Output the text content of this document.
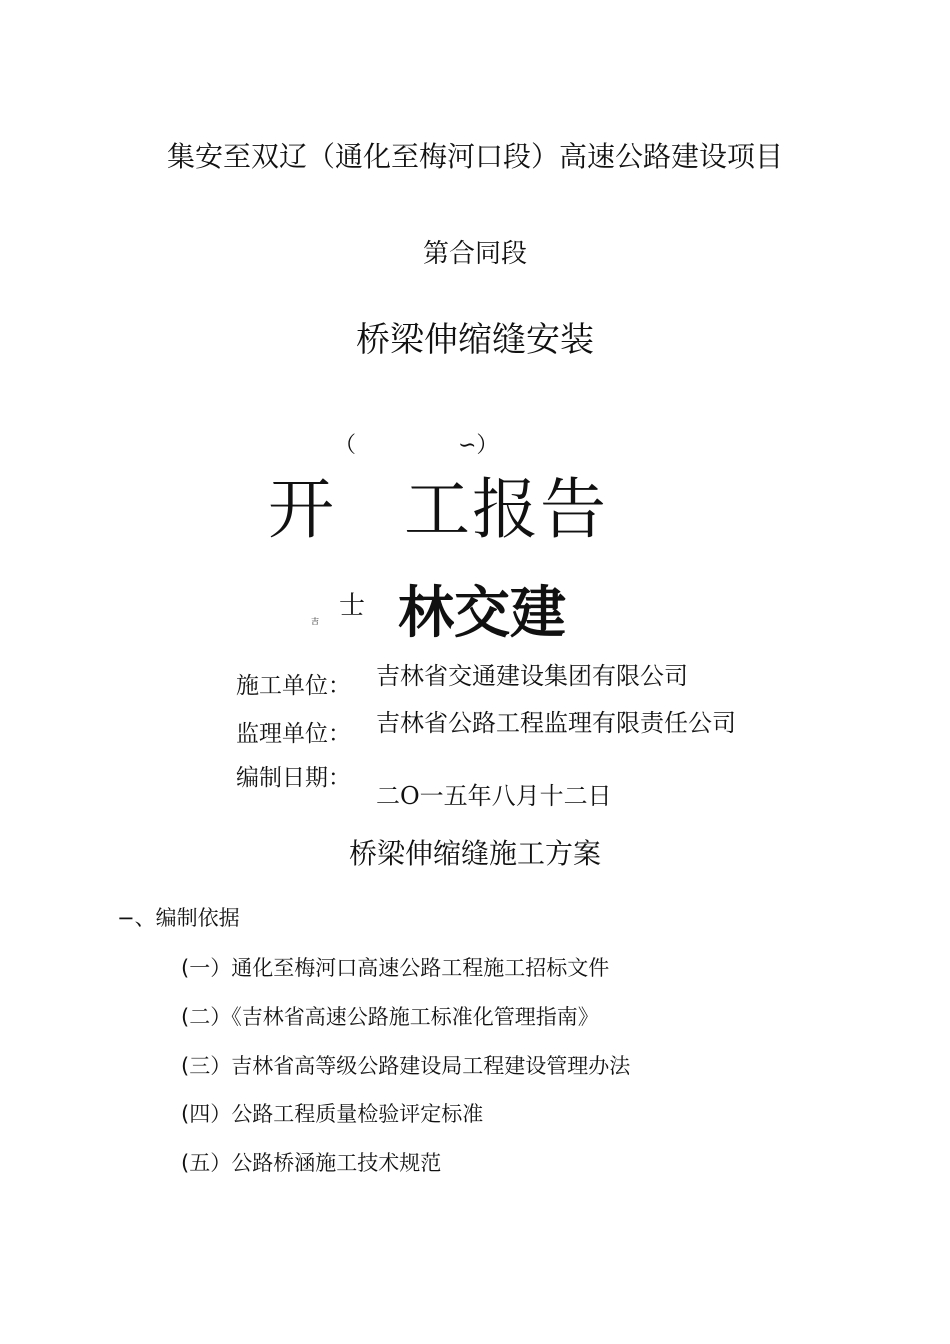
集安至双辽（通化至梅河口段）高速公路建设项目
第合同段
桥梁伸缩缝安装
（	∽）
开　工报告
吉
士 林交建
施工单位： 吉林省交通建设集团有限公司
监理单位： 吉林省公路工程监理有限责任公司
编制日期：
二O一五年八月十二日
桥梁伸缩缝施工方案
−、编制依据
(一）通化至梅河口高速公路工程施工招标文件
(二）《吉林省高速公路施工标准化管理指南》
(三）吉林省高等级公路建设局工程建设管理办法
(四）公路工程质量检验评定标准
(五）公路桥涵施工技术规范
